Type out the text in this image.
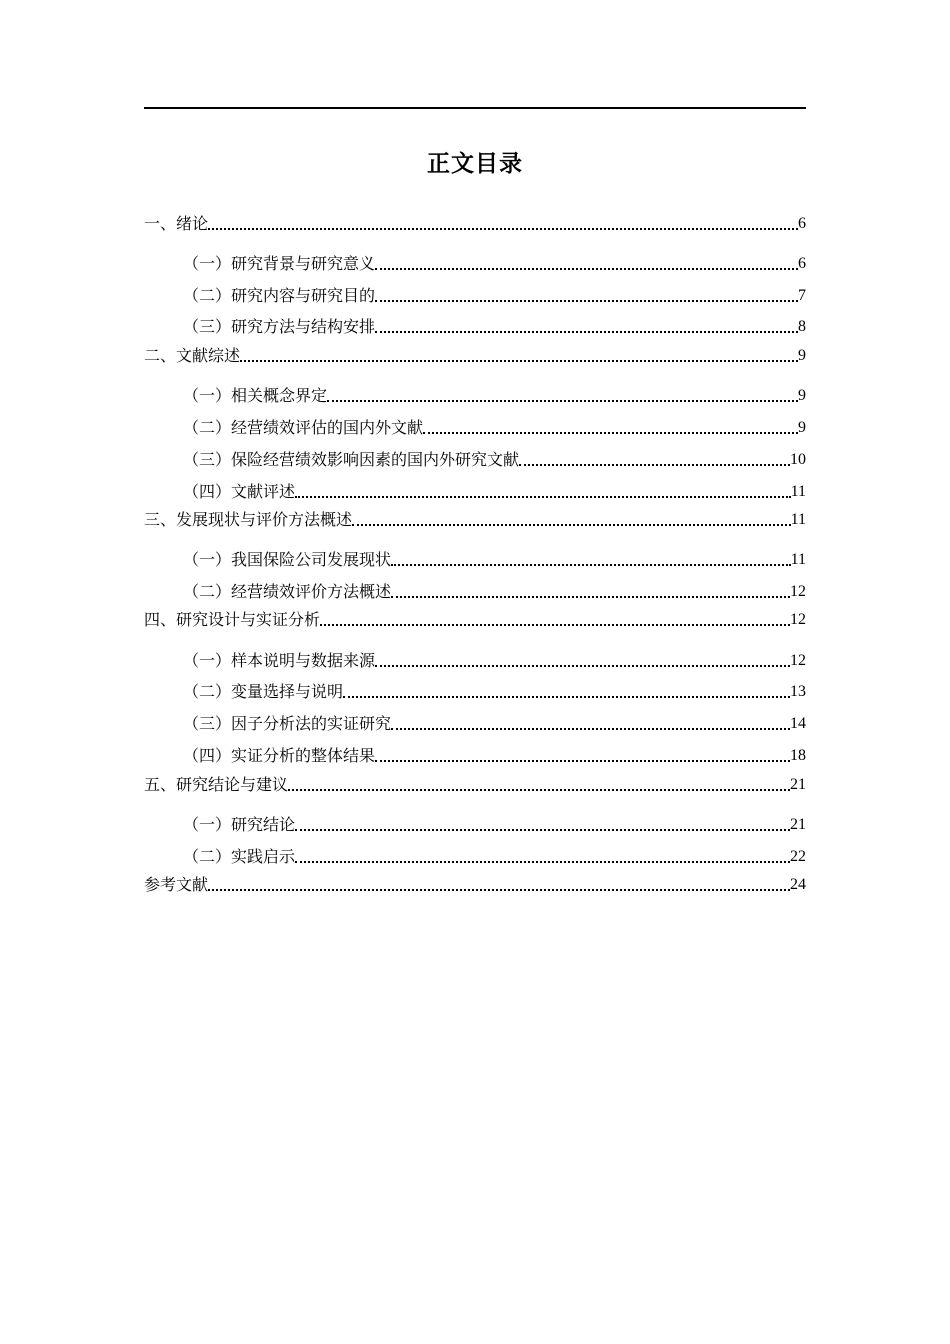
正文目录
一、绪论	6
（一）研究背景与研究意义	6
（二）研究内容与研究目的	7
（三）研究方法与结构安排	8
二、文献综述	9
（一）相关概念界定	9
（二）经营绩效评估的国内外文献	9
（三）保险经营绩效影响因素的国内外研究文献	10
（四）文献评述	11
三、发展现状与评价方法概述	11
（一）我国保险公司发展现状	11
（二）经营绩效评价方法概述	12
四、研究设计与实证分析	12
（一）样本说明与数据来源	12
（二）变量选择与说明	13
（三）因子分析法的实证研究	14
（四）实证分析的整体结果	18
五、研究结论与建议	21
（一）研究结论	21
（二）实践启示	22
参考文献	24
